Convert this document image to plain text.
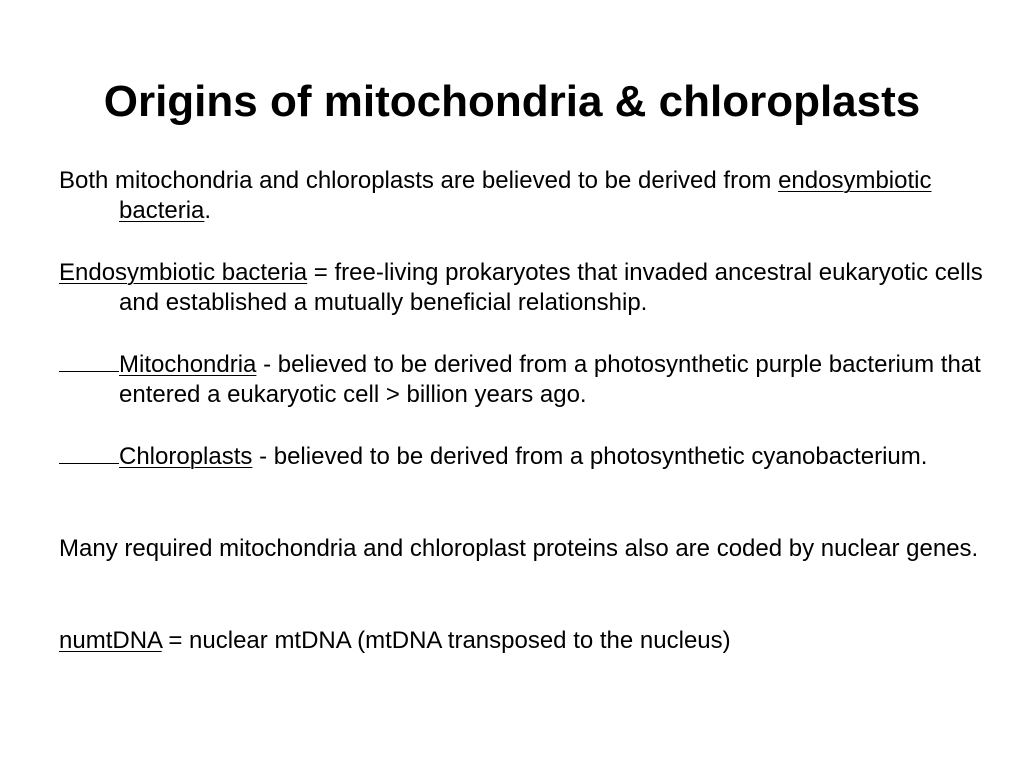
Origins of mitochondria & chloroplasts
Both mitochondria and chloroplasts are believed to be derived from endosymbiotic bacteria.
Endosymbiotic bacteria = free-living prokaryotes that invaded ancestral eukaryotic cells and established a mutually beneficial relationship.
Mitochondria - believed to be derived from a photosynthetic purple bacterium that entered a eukaryotic cell > billion years ago.
Chloroplasts - believed to be derived from a photosynthetic cyanobacterium.
Many required mitochondria and chloroplast proteins also are coded by nuclear genes.
numtDNA = nuclear mtDNA (mtDNA transposed to the nucleus)
